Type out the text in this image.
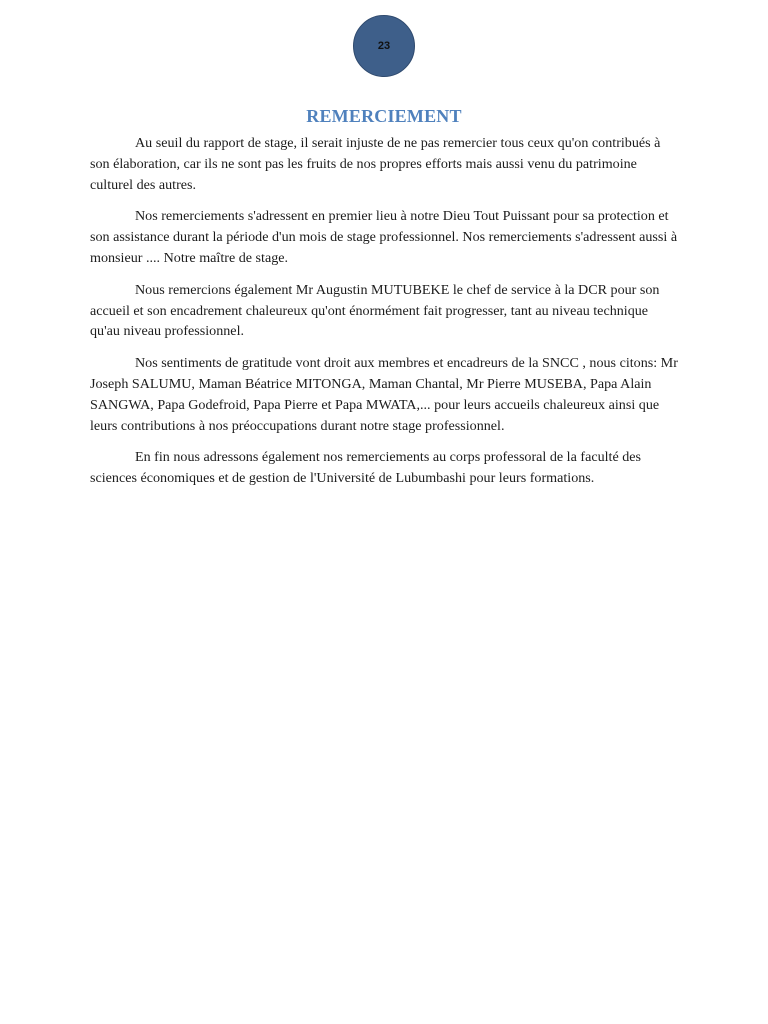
23
REMERCIEMENT

Au seuil du rapport de stage, il serait injuste de ne pas remercier tous ceux qu'on contribués à son élaboration, car ils ne sont pas les fruits de nos propres efforts mais aussi venu du patrimoine culturel des autres.

Nos remerciements s'adressent en premier lieu à notre Dieu Tout Puissant pour sa protection et son assistance durant la période d'un mois de stage professionnel. Nos remerciements s'adressent aussi à monsieur .... Notre maître de stage.

Nous remercions également Mr Augustin MUTUBEKE le chef de service à la DCR pour son accueil et son encadrement chaleureux qu'ont énormément fait progresser, tant au niveau technique qu'au niveau professionnel.

Nos sentiments de gratitude vont droit aux membres et encadreurs de la SNCC , nous citons: Mr Joseph SALUMU, Maman Béatrice MITONGA, Maman Chantal, Mr Pierre MUSEBA, Papa Alain SANGWA, Papa Godefroid, Papa Pierre et Papa MWATA,... pour leurs accueils chaleureux ainsi que leurs contributions à nos préoccupations durant notre stage professionnel.

En fin nous adressons également nos remerciements au corps professoral de la faculté des sciences économiques et de gestion de l'Université de Lubumbashi pour leurs formations.
